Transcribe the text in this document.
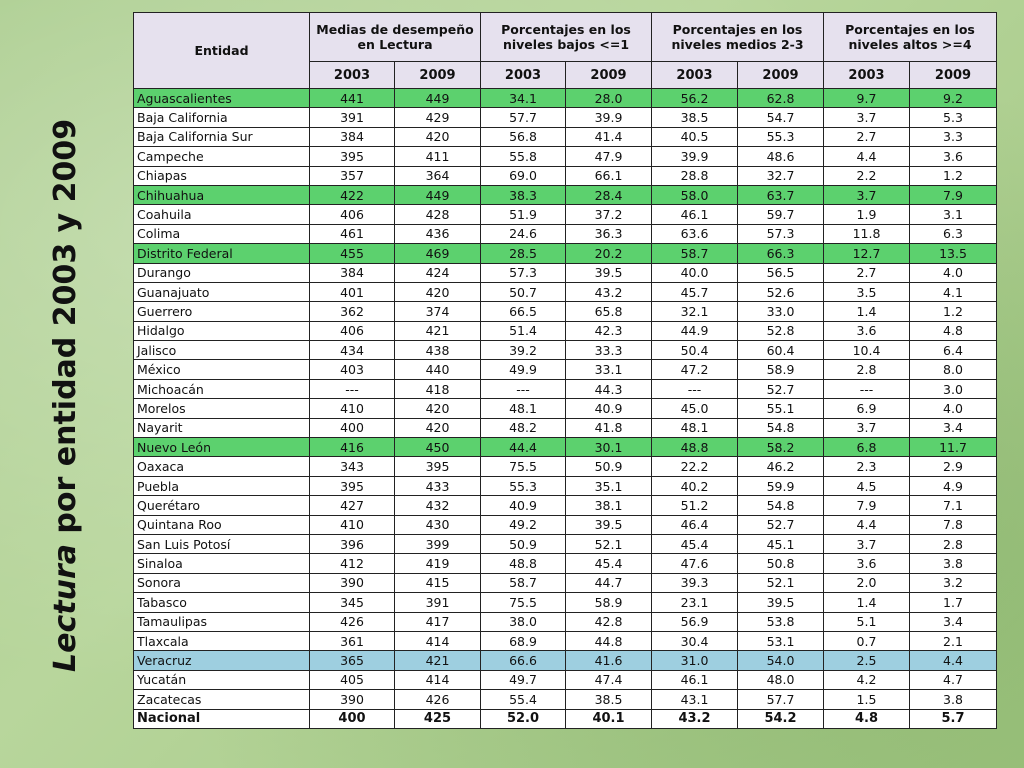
Lectura por entidad 2003 y 2009
Entidad	Medias de desempeño en Lectura		Porcentajes en los niveles bajos <=1		Porcentajes en los niveles medios 2-3		Porcentajes en los niveles altos >=4	
	2003	2009	2003	2009	2003	2009	2003	2009
Aguascalientes	441	449	34.1	28.0	56.2	62.8	9.7	9.2
Baja California	391	429	57.7	39.9	38.5	54.7	3.7	5.3
Baja California Sur	384	420	56.8	41.4	40.5	55.3	2.7	3.3
Campeche	395	411	55.8	47.9	39.9	48.6	4.4	3.6
Chiapas	357	364	69.0	66.1	28.8	32.7	2.2	1.2
Chihuahua	422	449	38.3	28.4	58.0	63.7	3.7	7.9
Coahuila	406	428	51.9	37.2	46.1	59.7	1.9	3.1
Colima	461	436	24.6	36.3	63.6	57.3	11.8	6.3
Distrito Federal	455	469	28.5	20.2	58.7	66.3	12.7	13.5
Durango	384	424	57.3	39.5	40.0	56.5	2.7	4.0
Guanajuato	401	420	50.7	43.2	45.7	52.6	3.5	4.1
Guerrero	362	374	66.5	65.8	32.1	33.0	1.4	1.2
Hidalgo	406	421	51.4	42.3	44.9	52.8	3.6	4.8
Jalisco	434	438	39.2	33.3	50.4	60.4	10.4	6.4
México	403	440	49.9	33.1	47.2	58.9	2.8	8.0
Michoacán	---	418	---	44.3	---	52.7	---	3.0
Morelos	410	420	48.1	40.9	45.0	55.1	6.9	4.0
Nayarit	400	420	48.2	41.8	48.1	54.8	3.7	3.4
Nuevo León	416	450	44.4	30.1	48.8	58.2	6.8	11.7
Oaxaca	343	395	75.5	50.9	22.2	46.2	2.3	2.9
Puebla	395	433	55.3	35.1	40.2	59.9	4.5	4.9
Querétaro	427	432	40.9	38.1	51.2	54.8	7.9	7.1
Quintana Roo	410	430	49.2	39.5	46.4	52.7	4.4	7.8
San Luis Potosí	396	399	50.9	52.1	45.4	45.1	3.7	2.8
Sinaloa	412	419	48.8	45.4	47.6	50.8	3.6	3.8
Sonora	390	415	58.7	44.7	39.3	52.1	2.0	3.2
Tabasco	345	391	75.5	58.9	23.1	39.5	1.4	1.7
Tamaulipas	426	417	38.0	42.8	56.9	53.8	5.1	3.4
Tlaxcala	361	414	68.9	44.8	30.4	53.1	0.7	2.1
Veracruz	365	421	66.6	41.6	31.0	54.0	2.5	4.4
Yucatán	405	414	49.7	47.4	46.1	48.0	4.2	4.7
Zacatecas	390	426	55.4	38.5	43.1	57.7	1.5	3.8
Nacional	400	425	52.0	40.1	43.2	54.2	4.8	5.7
